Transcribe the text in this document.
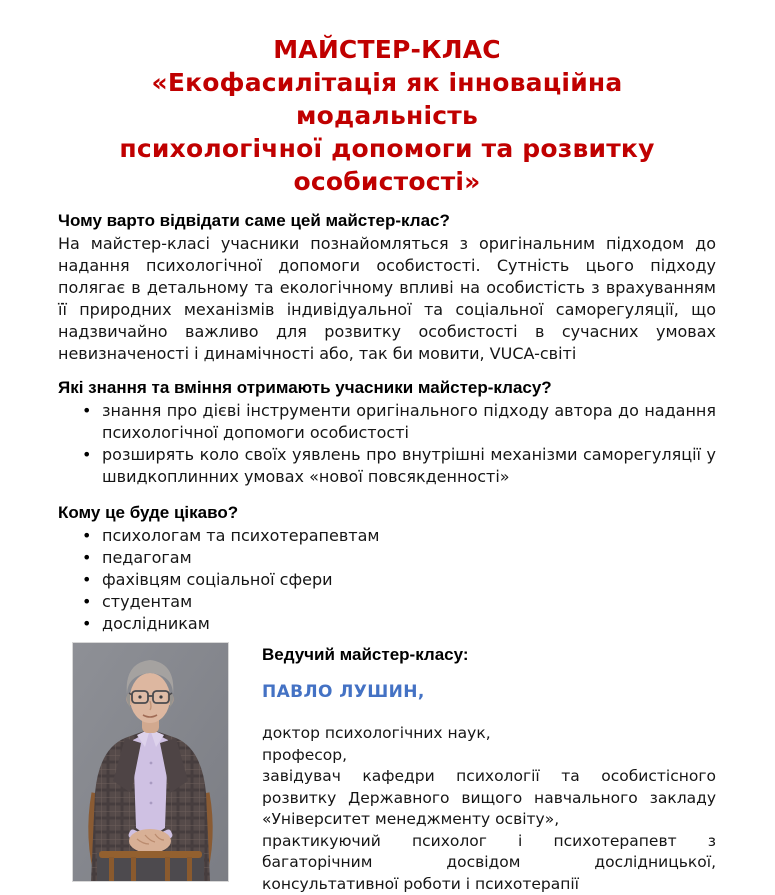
МАЙСТЕР-КЛАС
«Екофасилітація як інноваційна модальність
психологічної допомоги та розвитку особистості»
Чому варто відвідати саме цей майстер-клас?

На майстер-класі учасники познайомляться з оригінальним підходом до надання психологічної допомоги особистості. Сутність цього підходу полягає в детальному та екологічному впливі на особистість з врахуванням її природних механізмів індивідуальної та соціальної саморегуляції, що надзвичайно важливо для розвитку особистості в сучасних умовах невизначеності і динамічності або, так би мовити, VUCA-світі

Які знання та вміння отримають учасники майстер-класу?
• знання про дієві інструменти оригінального підходу автора до надання психологічної допомоги особистості
• розширять коло своїх уявлень про внутрішні механізми саморегуляції у швидкоплинних умовах «нової повсякденності»
Кому це буде цікаво?
• психологам та психотерапевтам
• педагогам
• фахівцям соціальної сфери
• студентам
• дослідникам

Ведучий майстер-класу:

ПАВЛО ЛУШИН,

доктор психологічних наук,

професор,

завідувач кафедри психології та особистісного розвитку Державного вищого навчального закладу «Університет менеджменту освіту»,

практикуючий психолог і психотерапевт з багаторічним досвідом дослідницької, консультативної роботи і психотерапії
